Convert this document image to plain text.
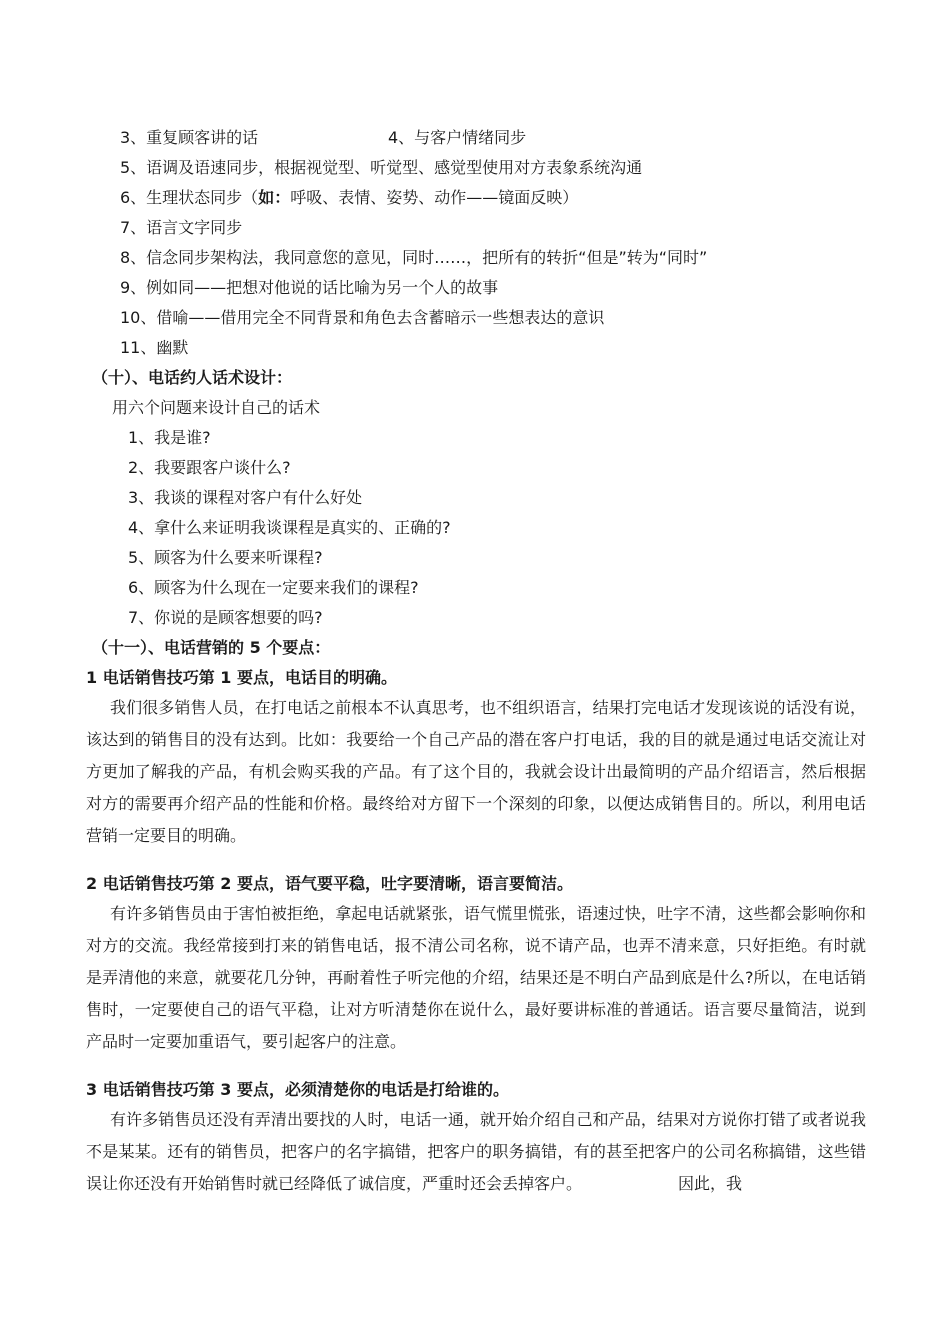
3、重复顾客讲的话	4、与客户情绪同步
5、语调及语速同步，根据视觉型、听觉型、感觉型使用对方表象系统沟通
6、生理状态同步（如：呼吸、表情、姿势、动作——镜面反映）
7、语言文字同步
8、信念同步架构法，我同意您的意见，同时……，把所有的转折“但是”转为“同时”
9、例如同——把想对他说的话比喻为另一个人的故事
10、借喻——借用完全不同背景和角色去含蓄暗示一些想表达的意识
11、幽默
（十）、电话约人话术设计：
用六个问题来设计自己的话术
1、我是谁?
2、我要跟客户谈什么?
3、我谈的课程对客户有什么好处
4、拿什么来证明我谈课程是真实的、正确的?
5、顾客为什么要来听课程?
6、顾客为什么现在一定要来我们的课程?
7、你说的是顾客想要的吗?
（十一）、电话营销的 5 个要点：
1 电话销售技巧第 1 要点，电话目的明确。
我们很多销售人员，在打电话之前根本不认真思考，也不组织语言，结果打完电话才发现该说的话没有说，该达到的销售目的没有达到。比如：我要给一个自己产品的潜在客户打电话，我的目的就是通过电话交流让对方更加了解我的产品，有机会购买我的产品。有了这个目的，我就会设计出最简明的产品介绍语言，然后根据对方的需要再介绍产品的性能和价格。最终给对方留下一个深刻的印象，以便达成销售目的。所以，利用电话营销一定要目的明确。
2 电话销售技巧第 2 要点，语气要平稳，吐字要清晰，语言要简洁。
有许多销售员由于害怕被拒绝，拿起电话就紧张，语气慌里慌张，语速过快，吐字不清，这些都会影响你和对方的交流。我经常接到打来的销售电话，报不清公司名称，说不请产品，也弄不清来意，只好拒绝。有时就是弄清他的来意，就要花几分钟，再耐着性子听完他的介绍，结果还是不明白产品到底是什么?所以，在电话销售时，一定要使自己的语气平稳，让对方听清楚你在说什么，最好要讲标准的普通话。语言要尽量简洁，说到产品时一定要加重语气，要引起客户的注意。
3 电话销售技巧第 3 要点，必须清楚你的电话是打给谁的。
有许多销售员还没有弄清出要找的人时，电话一通，就开始介绍自己和产品，结果对方说你打错了或者说我不是某某。还有的销售员，把客户的名字搞错，把客户的职务搞错，有的甚至把客户的公司名称搞错，这些错误让你还没有开始销售时就已经降低了诚信度，严重时还会丢掉客户。	因此，我
